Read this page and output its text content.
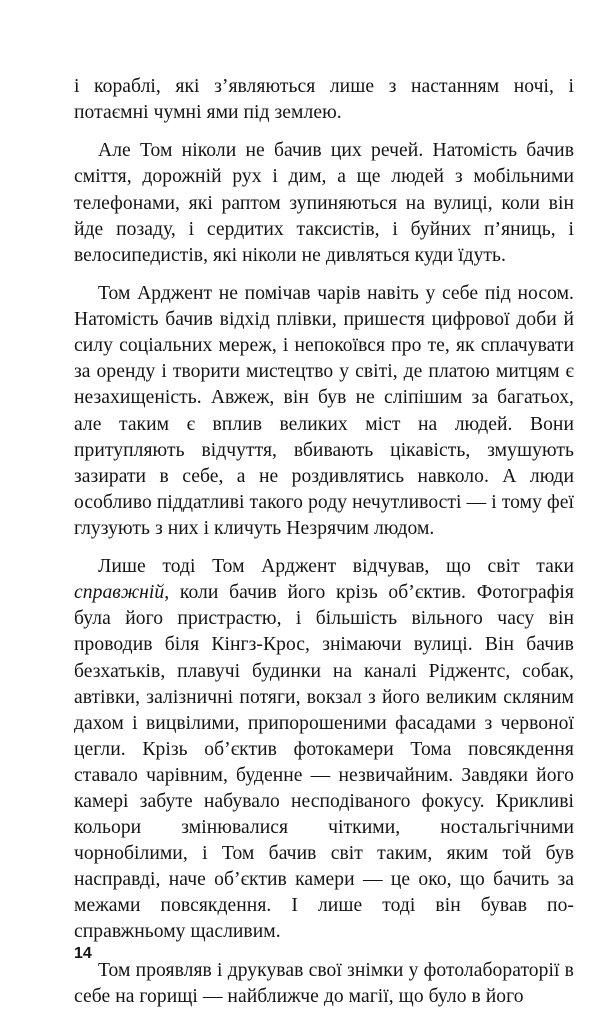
і кораблі, які з’являються лише з настанням ночі, і потаємні чумні ями під землею.

Але Том ніколи не бачив цих речей. Натомість бачив сміття, дорожній рух і дим, а ще людей з мобільними телефонами, які раптом зупиняються на вулиці, коли він йде позаду, і сердитих таксистів, і буйних п’яниць, і велосипедистів, які ніколи не дивляться куди їдуть.

Том Арджент не помічав чарів навіть у себе під носом. Натомість бачив відхід плівки, пришестя цифрової доби й силу соціальних мереж, і непокоївся про те, як сплачувати за оренду і творити мистецтво у світі, де платою митцям є незахищеність. Авжеж, він був не сліпішим за багатьох, але таким є вплив великих міст на людей. Вони притупляють відчуття, вбивають цікавість, змушують зазирати в себе, а не роздивлятись навколо. А люди особливо піддатливі такого роду нечутливості — і тому феї глузують з них і кличуть Незрячим людом.

Лише тоді Том Арджент відчував, що світ таки справжній, коли бачив його крізь об’єктив. Фотографія була його пристрастю, і більшість вільного часу він проводив біля Кінгз-Крос, знімаючи вулиці. Він бачив безхатьків, плавучі будинки на каналі Ріджентс, собак, автівки, залізничні потяги, вокзал з його великим скляним дахом і вицвілими, припорошеними фасадами з червоної цегли. Крізь об’єктив фотокамери Тома повсякдення ставало чарівним, буденне — незвичайним. Завдяки його камері забуте набувало несподіваного фокусу. Крикливі кольори змінювалися чіткими, ностальгічними чорнобілими, і Том бачив світ таким, яким той був насправді, наче об’єктив камери — це око, що бачить за межами повсякдення. І лише тоді він бував по-справжньому щасливим.

Том проявляв і друкував свої знімки у фотолабораторії в себе на горищі — найближче до магії, що було в його

14
